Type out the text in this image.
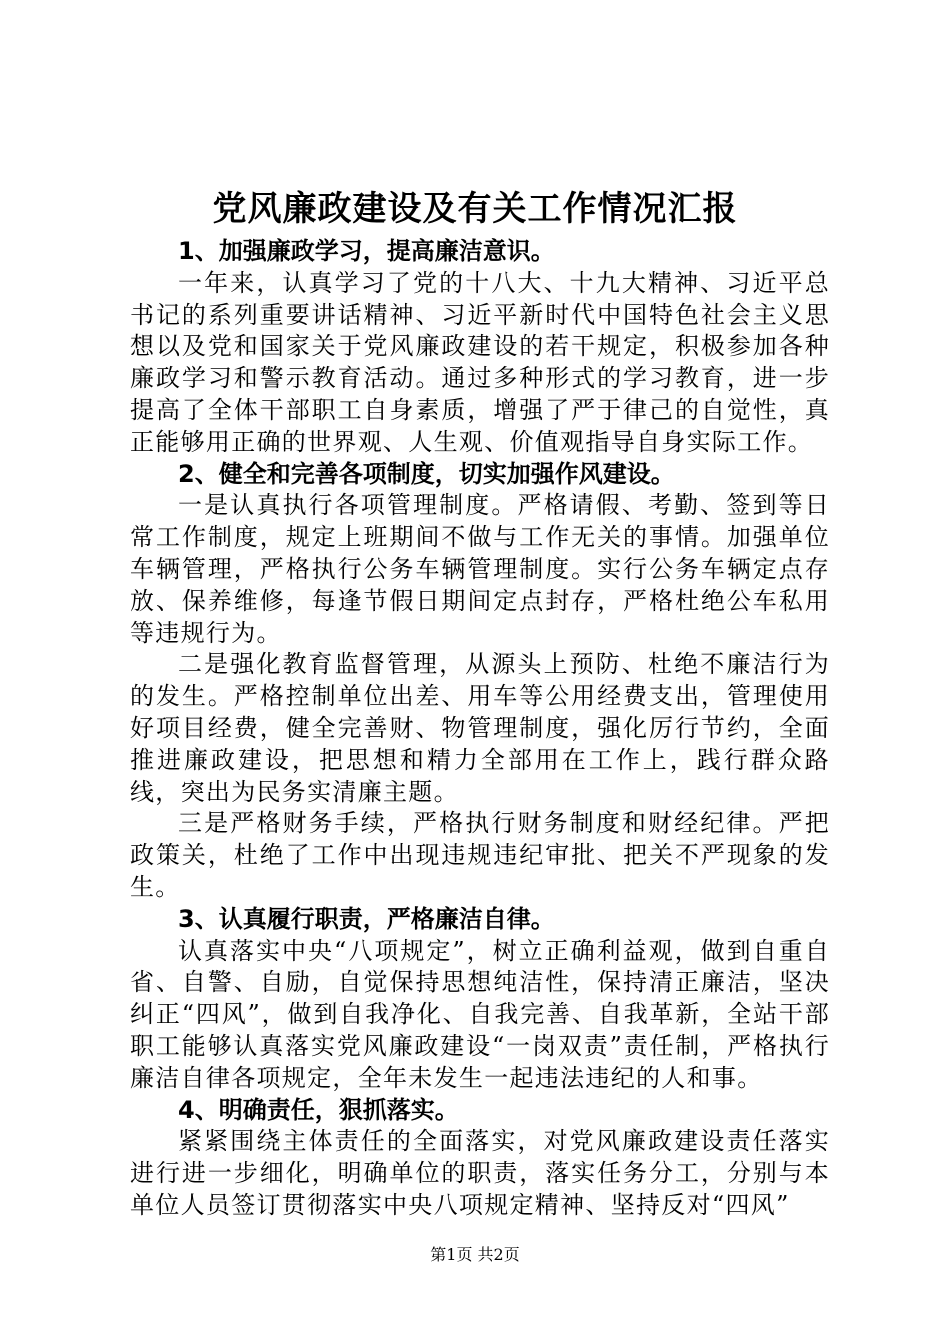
党风廉政建设及有关工作情况汇报
1、加强廉政学习，提高廉洁意识。

一年来，认真学习了党的十八大、十九大精神、习近平总书记的系列重要讲话精神、习近平新时代中国特色社会主义思想以及党和国家关于党风廉政建设的若干规定，积极参加各种廉政学习和警示教育活动。通过多种形式的学习教育，进一步提高了全体干部职工自身素质，增强了严于律己的自觉性，真正能够用正确的世界观、人生观、价值观指导自身实际工作。

2、健全和完善各项制度，切实加强作风建设。

一是认真执行各项管理制度。严格请假、考勤、签到等日常工作制度，规定上班期间不做与工作无关的事情。加强单位车辆管理，严格执行公务车辆管理制度。实行公务车辆定点存放、保养维修，每逢节假日期间定点封存，严格杜绝公车私用等违规行为。

二是强化教育监督管理，从源头上预防、杜绝不廉洁行为的发生。严格控制单位出差、用车等公用经费支出，管理使用好项目经费，健全完善财、物管理制度，强化厉行节约，全面推进廉政建设，把思想和精力全部用在工作上，践行群众路线，突出为民务实清廉主题。

三是严格财务手续，严格执行财务制度和财经纪律。严把政策关，杜绝了工作中出现违规违纪审批、把关不严现象的发生。

3、认真履行职责，严格廉洁自律。

认真落实中央“八项规定”，树立正确利益观，做到自重自省、自警、自励，自觉保持思想纯洁性，保持清正廉洁，坚决纠正“四风”，做到自我净化、自我完善、自我革新，全站干部职工能够认真落实党风廉政建设“一岗双责”责任制，严格执行廉洁自律各项规定，全年未发生一起违法违纪的人和事。

4、明确责任，狠抓落实。

紧紧围绕主体责任的全面落实，对党风廉政建设责任落实进行进一步细化，明确单位的职责，落实任务分工，分别与本单位人员签订贯彻落实中央八项规定精神、坚持反对“四风”

第1页 共2页
